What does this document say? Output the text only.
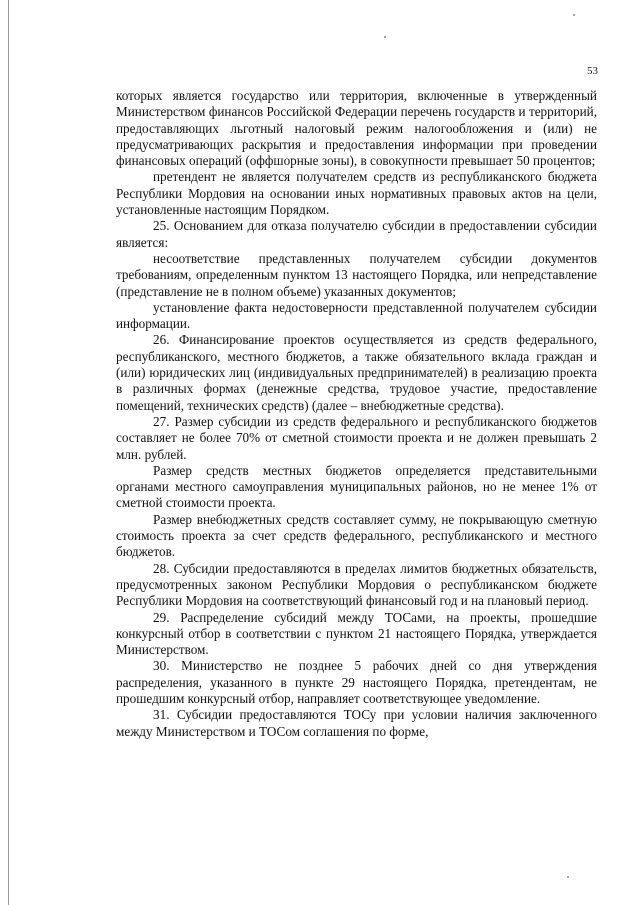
53

которых является государство или территория, включенные в утвержденный Министерством финансов Российской Федерации перечень государств и территорий, предоставляющих льготный налоговый режим налогообложения и (или) не предусматривающих раскрытия и предоставления информации при проведении финансовых операций (оффшорные зоны), в совокупности превышает 50 процентов;

претендент не является получателем средств из республиканского бюджета Республики Мордовия на основании иных нормативных правовых актов на цели, установленные настоящим Порядком.

25. Основанием для отказа получателю субсидии в предоставлении субсидии является:

несоответствие представленных получателем субсидии документов требованиям, определенным пунктом 13 настоящего Порядка, или непредставление (представление не в полном объеме) указанных документов;

установление факта недостоверности представленной получателем субсидии информации.

26. Финансирование проектов осуществляется из средств федерального, республиканского, местного бюджетов, а также обязательного вклада граждан и (или) юридических лиц (индивидуальных предпринимателей) в реализацию проекта в различных формах (денежные средства, трудовое участие, предоставление помещений, технических средств) (далее – внебюджетные средства).

27. Размер субсидии из средств федерального и республиканского бюджетов составляет не более 70% от сметной стоимости проекта и не должен превышать 2 млн. рублей.

Размер средств местных бюджетов определяется представительными органами местного самоуправления муниципальных районов, но не менее 1% от сметной стоимости проекта.

Размер внебюджетных средств составляет сумму, не покрывающую сметную стоимость проекта за счет средств федерального, республиканского и местного бюджетов.

28. Субсидии предоставляются в пределах лимитов бюджетных обязательств, предусмотренных законом Республики Мордовия о республиканском бюджете Республики Мордовия на соответствующий финансовый год и на плановый период.

29. Распределение субсидий между ТОСами, на проекты, прошедшие конкурсный отбор в соответствии с пунктом 21 настоящего Порядка, утверждается Министерством.

30. Министерство не позднее 5 рабочих дней со дня утверждения распределения, указанного в пункте 29 настоящего Порядка, претендентам, не прошедшим конкурсный отбор, направляет соответствующее уведомление.

31. Субсидии предоставляются ТОСу при условии наличия заключенного между Министерством и ТОСом соглашения по форме,
